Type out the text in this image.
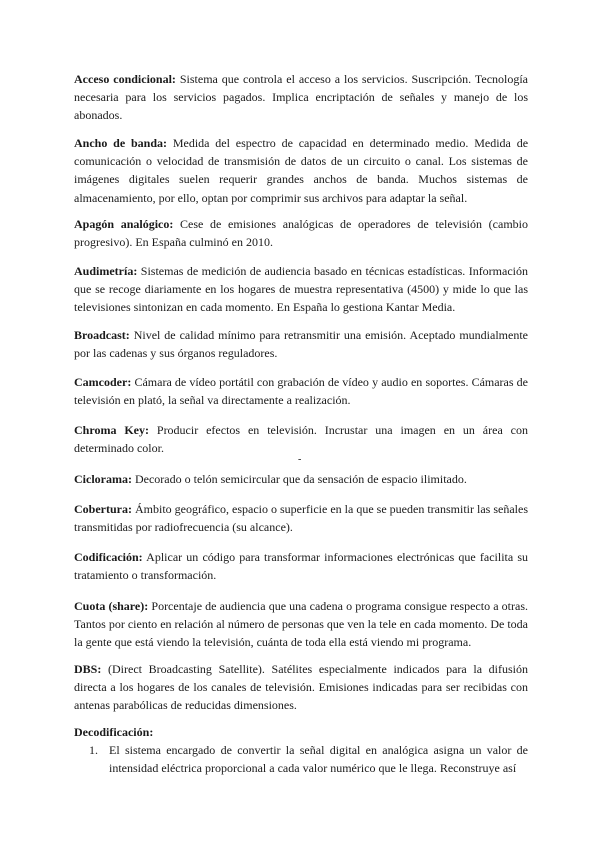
Acceso condicional: Sistema que controla el acceso a los servicios. Suscripción. Tecnología necesaria para los servicios pagados. Implica encriptación de señales y manejo de los abonados.
Ancho de banda: Medida del espectro de capacidad en determinado medio. Medida de comunicación o velocidad de transmisión de datos de un circuito o canal. Los sistemas de imágenes digitales suelen requerir grandes anchos de banda. Muchos sistemas de almacenamiento, por ello, optan por comprimir sus archivos para adaptar la señal.
Apagón analógico: Cese de emisiones analógicas de operadores de televisión (cambio progresivo). En España culminó en 2010.
Audimetría: Sistemas de medición de audiencia basado en técnicas estadísticas. Información que se recoge diariamente en los hogares de muestra representativa (4500) y mide lo que las televisiones sintonizan en cada momento. En España lo gestiona Kantar Media.
Broadcast: Nivel de calidad mínimo para retransmitir una emisión. Aceptado mundialmente por las cadenas y sus órganos reguladores.
Camcoder: Cámara de vídeo portátil con grabación de vídeo y audio en soportes. Cámaras de televisión en plató, la señal va directamente a realización.
Chroma Key: Producir efectos en televisión. Incrustar una imagen en un área con determinado color.
-
Ciclorama: Decorado o telón semicircular que da sensación de espacio ilimitado.
Cobertura: Ámbito geográfico, espacio o superficie en la que se pueden transmitir las señales transmitidas por radiofrecuencia (su alcance).
Codificación: Aplicar un código para transformar informaciones electrónicas que facilita su tratamiento o transformación.
Cuota (share): Porcentaje de audiencia que una cadena o programa consigue respecto a otras. Tantos por ciento en relación al número de personas que ven la tele en cada momento. De toda la gente que está viendo la televisión, cuánta de toda ella está viendo mi programa.
DBS: (Direct Broadcasting Satellite). Satélites especialmente indicados para la difusión directa a los hogares de los canales de televisión. Emisiones indicadas para ser recibidas con antenas parabólicas de reducidas dimensiones.
Decodificación:
1. El sistema encargado de convertir la señal digital en analógica asigna un valor de intensidad eléctrica proporcional a cada valor numérico que le llega. Reconstruye así
